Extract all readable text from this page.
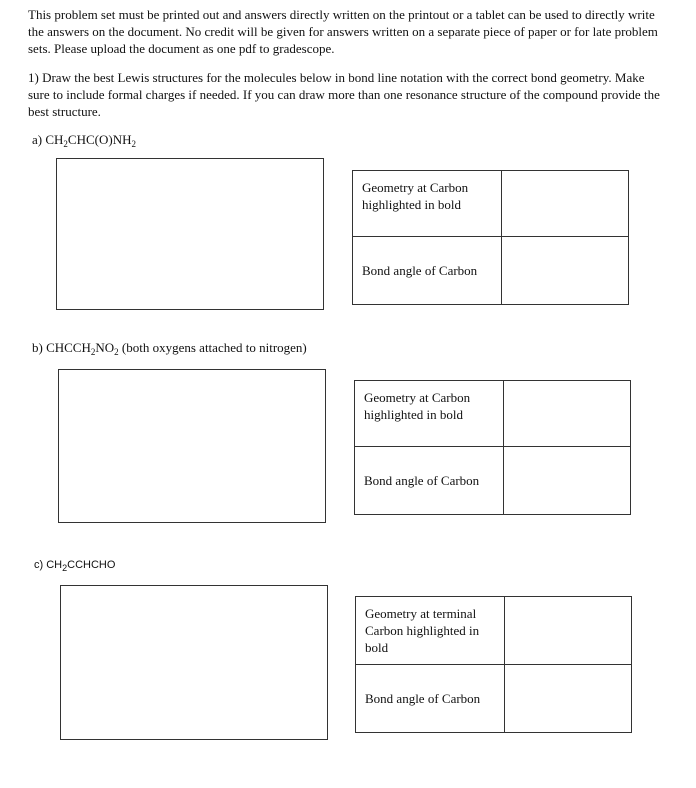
This problem set must be printed out and answers directly written on the printout or a tablet can be used to directly write the answers on the document. No credit will be given for answers written on a separate piece of paper or for late problem sets. Please upload the document as one pdf to gradescope.

1) Draw the best Lewis structures for the molecules below in bond line notation with the correct bond geometry. Make sure to include formal charges if needed. If you can draw more than one resonance structure of the compound provide the best structure.

a) $CH_2CHC(O)NH_2$
Geometry at Carbon highlighted in bold	
Bond angle of Carbon	
b) $CHCCH_2NO_2$ (both oxygens attached to nitrogen)
Geometry at Carbon highlighted in bold	
Bond angle of Carbon	
c) $CH_2CCHCHO$
Geometry at terminal Carbon highlighted in bold	
Bond angle of Carbon	
